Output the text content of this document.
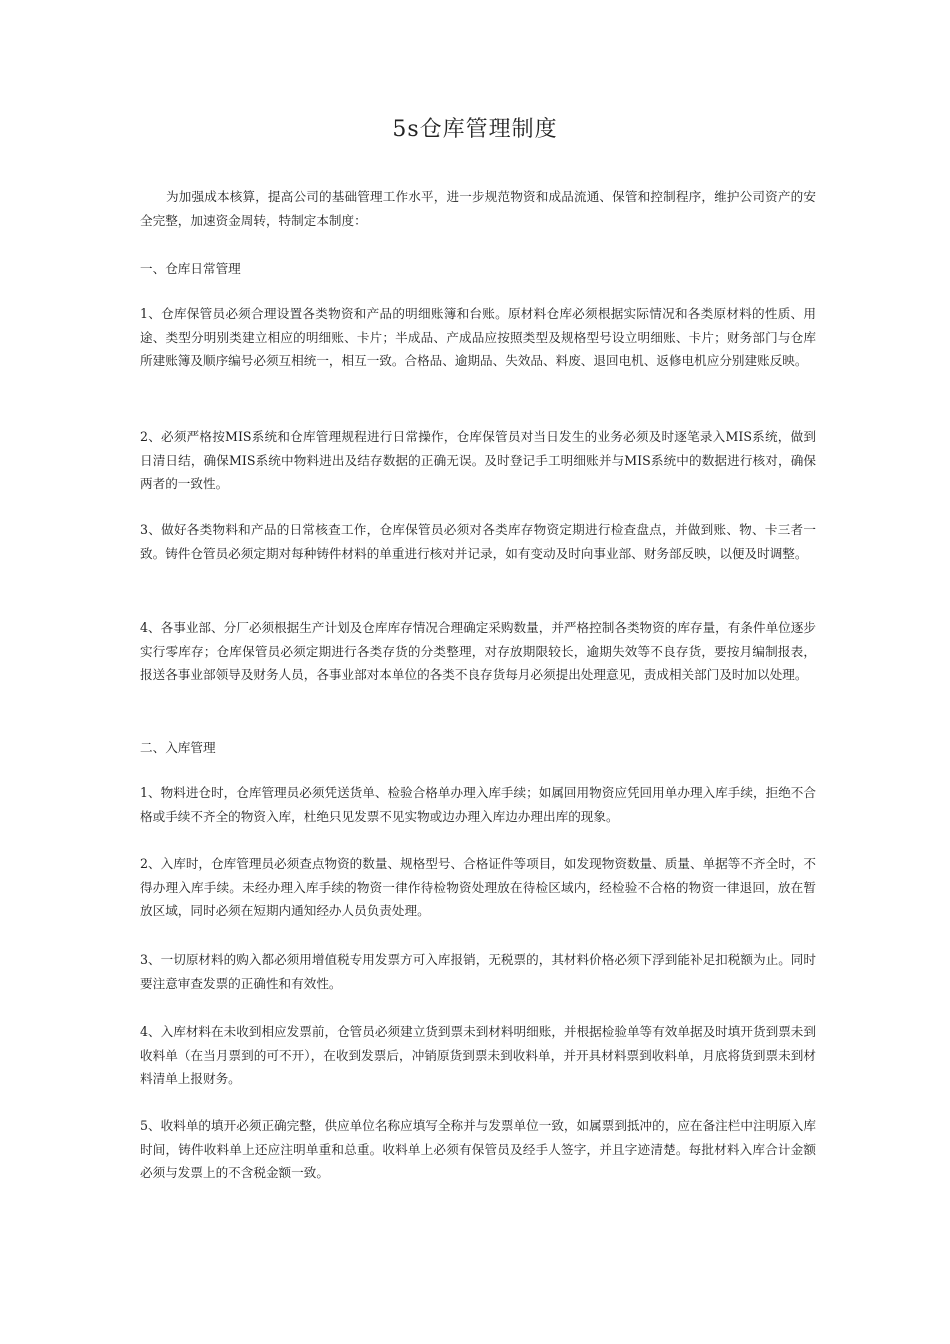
5s仓库管理制度
为加强成本核算，提高公司的基础管理工作水平，进一步规范物资和成品流通、保管和控制程序，维护公司资产的安全完整，加速资金周转，特制定本制度：
一、仓库日常管理
1、仓库保管员必须合理设置各类物资和产品的明细账簿和台账。原材料仓库必须根据实际情况和各类原材料的性质、用途、类型分明别类建立相应的明细账、卡片；半成品、产成品应按照类型及规格型号设立明细账、卡片；财务部门与仓库所建账簿及顺序编号必须互相统一，相互一致。合格品、逾期品、失效品、料废、退回电机、返修电机应分别建账反映。
2、必须严格按MIS系统和仓库管理规程进行日常操作，仓库保管员对当日发生的业务必须及时逐笔录入MIS系统，做到日清日结，确保MIS系统中物料进出及结存数据的正确无误。及时登记手工明细账并与MIS系统中的数据进行核对，确保两者的一致性。
3、做好各类物料和产品的日常核查工作，仓库保管员必须对各类库存物资定期进行检查盘点，并做到账、物、卡三者一致。铸件仓管员必须定期对每种铸件材料的单重进行核对并记录，如有变动及时向事业部、财务部反映，以便及时调整。
4、各事业部、分厂必须根据生产计划及仓库库存情况合理确定采购数量，并严格控制各类物资的库存量，有条件单位逐步实行零库存；仓库保管员必须定期进行各类存货的分类整理，对存放期限较长，逾期失效等不良存货，要按月编制报表，报送各事业部领导及财务人员，各事业部对本单位的各类不良存货每月必须提出处理意见，责成相关部门及时加以处理。
二、入库管理
1、物料进仓时，仓库管理员必须凭送货单、检验合格单办理入库手续；如属回用物资应凭回用单办理入库手续，拒绝不合格或手续不齐全的物资入库，杜绝只见发票不见实物或边办理入库边办理出库的现象。
2、入库时，仓库管理员必须查点物资的数量、规格型号、合格证件等项目，如发现物资数量、质量、单据等不齐全时，不得办理入库手续。未经办理入库手续的物资一律作待检物资处理放在待检区域内，经检验不合格的物资一律退回，放在暂放区域，同时必须在短期内通知经办人员负责处理。
3、一切原材料的购入都必须用增值税专用发票方可入库报销，无税票的，其材料价格必须下浮到能补足扣税额为止。同时要注意审查发票的正确性和有效性。
4、入库材料在未收到相应发票前，仓管员必须建立货到票未到材料明细账，并根据检验单等有效单据及时填开货到票未到收料单（在当月票到的可不开），在收到发票后，冲销原货到票未到收料单，并开具材料票到收料单，月底将货到票未到材料清单上报财务。
5、收料单的填开必须正确完整，供应单位名称应填写全称并与发票单位一致，如属票到抵冲的，应在备注栏中注明原入库时间，铸件收料单上还应注明单重和总重。收料单上必须有保管员及经手人签字，并且字迹清楚。每批材料入库合计金额必须与发票上的不含税金额一致。
